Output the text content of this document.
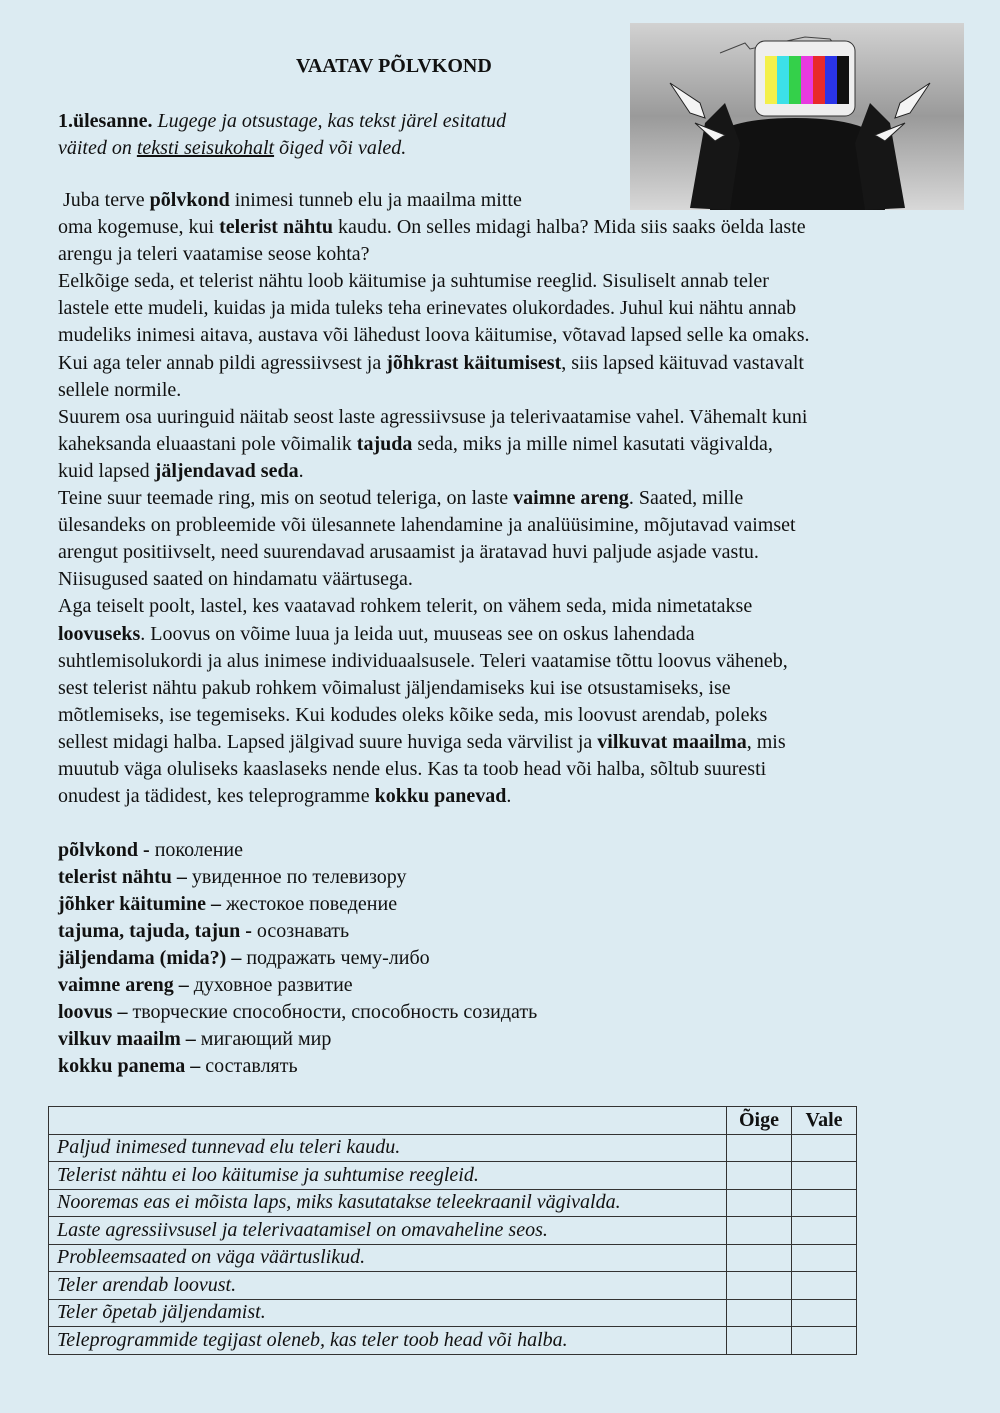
VAATAV PÕLVKOND
1.ülesanne. Lugege ja otsustage, kas tekst järel esitatud
väited on teksti seisukohalt õiged või valed.
Juba terve põlvkond inimesi tunneb elu ja maailma mitte
oma kogemuse, kui telerist nähtu kaudu. On selles midagi halba? Mida siis saaks öelda laste
arengu ja teleri vaatamise seose kohta?
Eelkõige seda, et telerist nähtu loob käitumise ja suhtumise reeglid. Sisuliselt annab teler
lastele ette mudeli, kuidas ja mida tuleks teha erinevates olukordades. Juhul kui nähtu annab
mudeliks inimesi aitava, austava või lähedust loova käitumise, võtavad lapsed selle ka omaks.
Kui aga teler annab pildi agressiivsest ja jõhkrast käitumisest, siis lapsed käituvad vastavalt
sellele normile.
Suurem osa uuringuid näitab seost laste agressiivsuse ja telerivaatamise vahel. Vähemalt kuni
kaheksanda eluaastani pole võimalik tajuda seda, miks ja mille nimel kasutati vägivalda,
kuid lapsed jäljendavad seda.
Teine suur teemade ring, mis on seotud teleriga, on laste vaimne areng. Saated, mille
ülesandeks on probleemide või ülesannete lahendamine ja analüüsimine, mõjutavad vaimset
arengut positiivselt, need suurendavad arusaamist ja äratavad huvi paljude asjade vastu.
Niisugused saated on hindamatu väärtusega.
Aga teiselt poolt, lastel, kes vaatavad rohkem telerit, on vähem seda, mida nimetatakse
loovuseks. Loovus on võime luua ja leida uut, muuseas see on oskus lahendada
suhtlemisolukordi ja alus inimese individuaalsusele. Teleri vaatamise tõttu loovus väheneb,
sest telerist nähtu pakub rohkem võimalust jäljendamiseks kui ise otsustamiseks, ise
mõtlemiseks, ise tegemiseks. Kui kodudes oleks kõike seda, mis loovust arendab, poleks
sellest midagi halba. Lapsed jälgivad suure huviga seda värvilist ja vilkuvat maailma, mis
muutub väga oluliseks kaaslaseks nende elus. Kas ta toob head või halba, sõltub suuresti
onudest ja tädidest, kes teleprogramme kokku panevad.
põlvkond - поколение
telerist nähtu – увиденное по телевизору
jõhker käitumine – жестокое поведение
tajuma, tajuda, tajun - осознавать
jäljendama (mida?) – подражать чему-либо
vaimne areng – духовное развитие
loovus – творческие способности, способность созидать
vilkuv maailm – мигающий мир
kokku panema – составлять
	Õige	Vale
Paljud inimesed tunnevad elu teleri kaudu.		
Telerist nähtu ei loo käitumise ja suhtumise reegleid.		
Nooremas eas ei mõista laps, miks kasutatakse teleekraanil vägivalda.		
Laste agressiivsusel ja telerivaatamisel on omavaheline seos.		
Probleemsaated on väga väärtuslikud.		
Teler arendab loovust.		
Teler õpetab jäljendamist.		
Teleprogrammide tegijast oleneb, kas teler toob head või halba.		
